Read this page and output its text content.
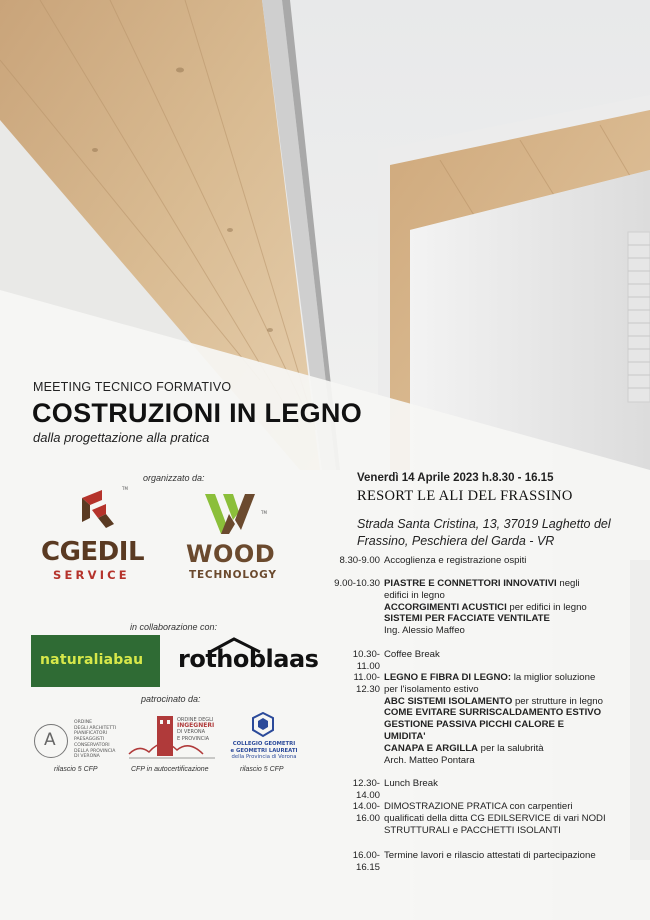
MEETING TECNICO FORMATIVO
COSTRUZIONI IN LEGNO
dalla progettazione alla pratica
organizzato da:
TM
CGEDIL
SERVICE
TM
WOOD
TECHNOLOGY
in collaborazione con:
naturaliabau rothoblaas
patrocinato da:
A
ORDINE
DEGLI ARCHITETTI
PIANIFICATORI
PAESAGGISTI
CONSERVATORI
DELLA PROVINCIA
DI VERONA
rilascio 5 CFP
ORDINE DEGLI
INGEGNERI
DI VERONA
E PROVINCIA
CFP in autocertificazione
COLLEGIO GEOMETRI
e GEOMETRI LAUREATI
della Provincia di Verona
rilascio 5 CFP
Venerdì 14 Aprile 2023 h.8.30 - 16.15
RESORT LE ALI DEL FRASSINO
Strada Santa Cristina, 13, 37019 Laghetto del
Frassino, Peschiera del Garda - VR
8.30-9.00 Accoglienza e registrazione ospiti
9.00-10.30 PIASTRE E CONNETTORI INNOVATIVI negli
edifici in legno
ACCORGIMENTI ACUSTICI per edifici in legno
SISTEMI PER FACCIATE VENTILATE
Ing. Alessio Maffeo
10.30-11.00
Coffee Break
11.00-12.30
LEGNO E FIBRA DI LEGNO: la miglior soluzione
per l'isolamento estivo
ABC SISTEMI ISOLAMENTO per strutture in legno
COME EVITARE SURRISCALDAMENTO ESTIVO
GESTIONE PASSIVA PICCHI CALORE E
UMIDITA'
CANAPA E ARGILLA per la salubrità
Arch. Matteo Pontara
12.30-14.00
Lunch Break
14.00-16.00
DIMOSTRAZIONE PRATICA con carpentieri
qualificati della ditta CG EDILSERVICE di vari NODI
STRUTTURALI e PACCHETTI ISOLANTI
16.00-16.15
Termine lavori e rilascio attestati di partecipazione
